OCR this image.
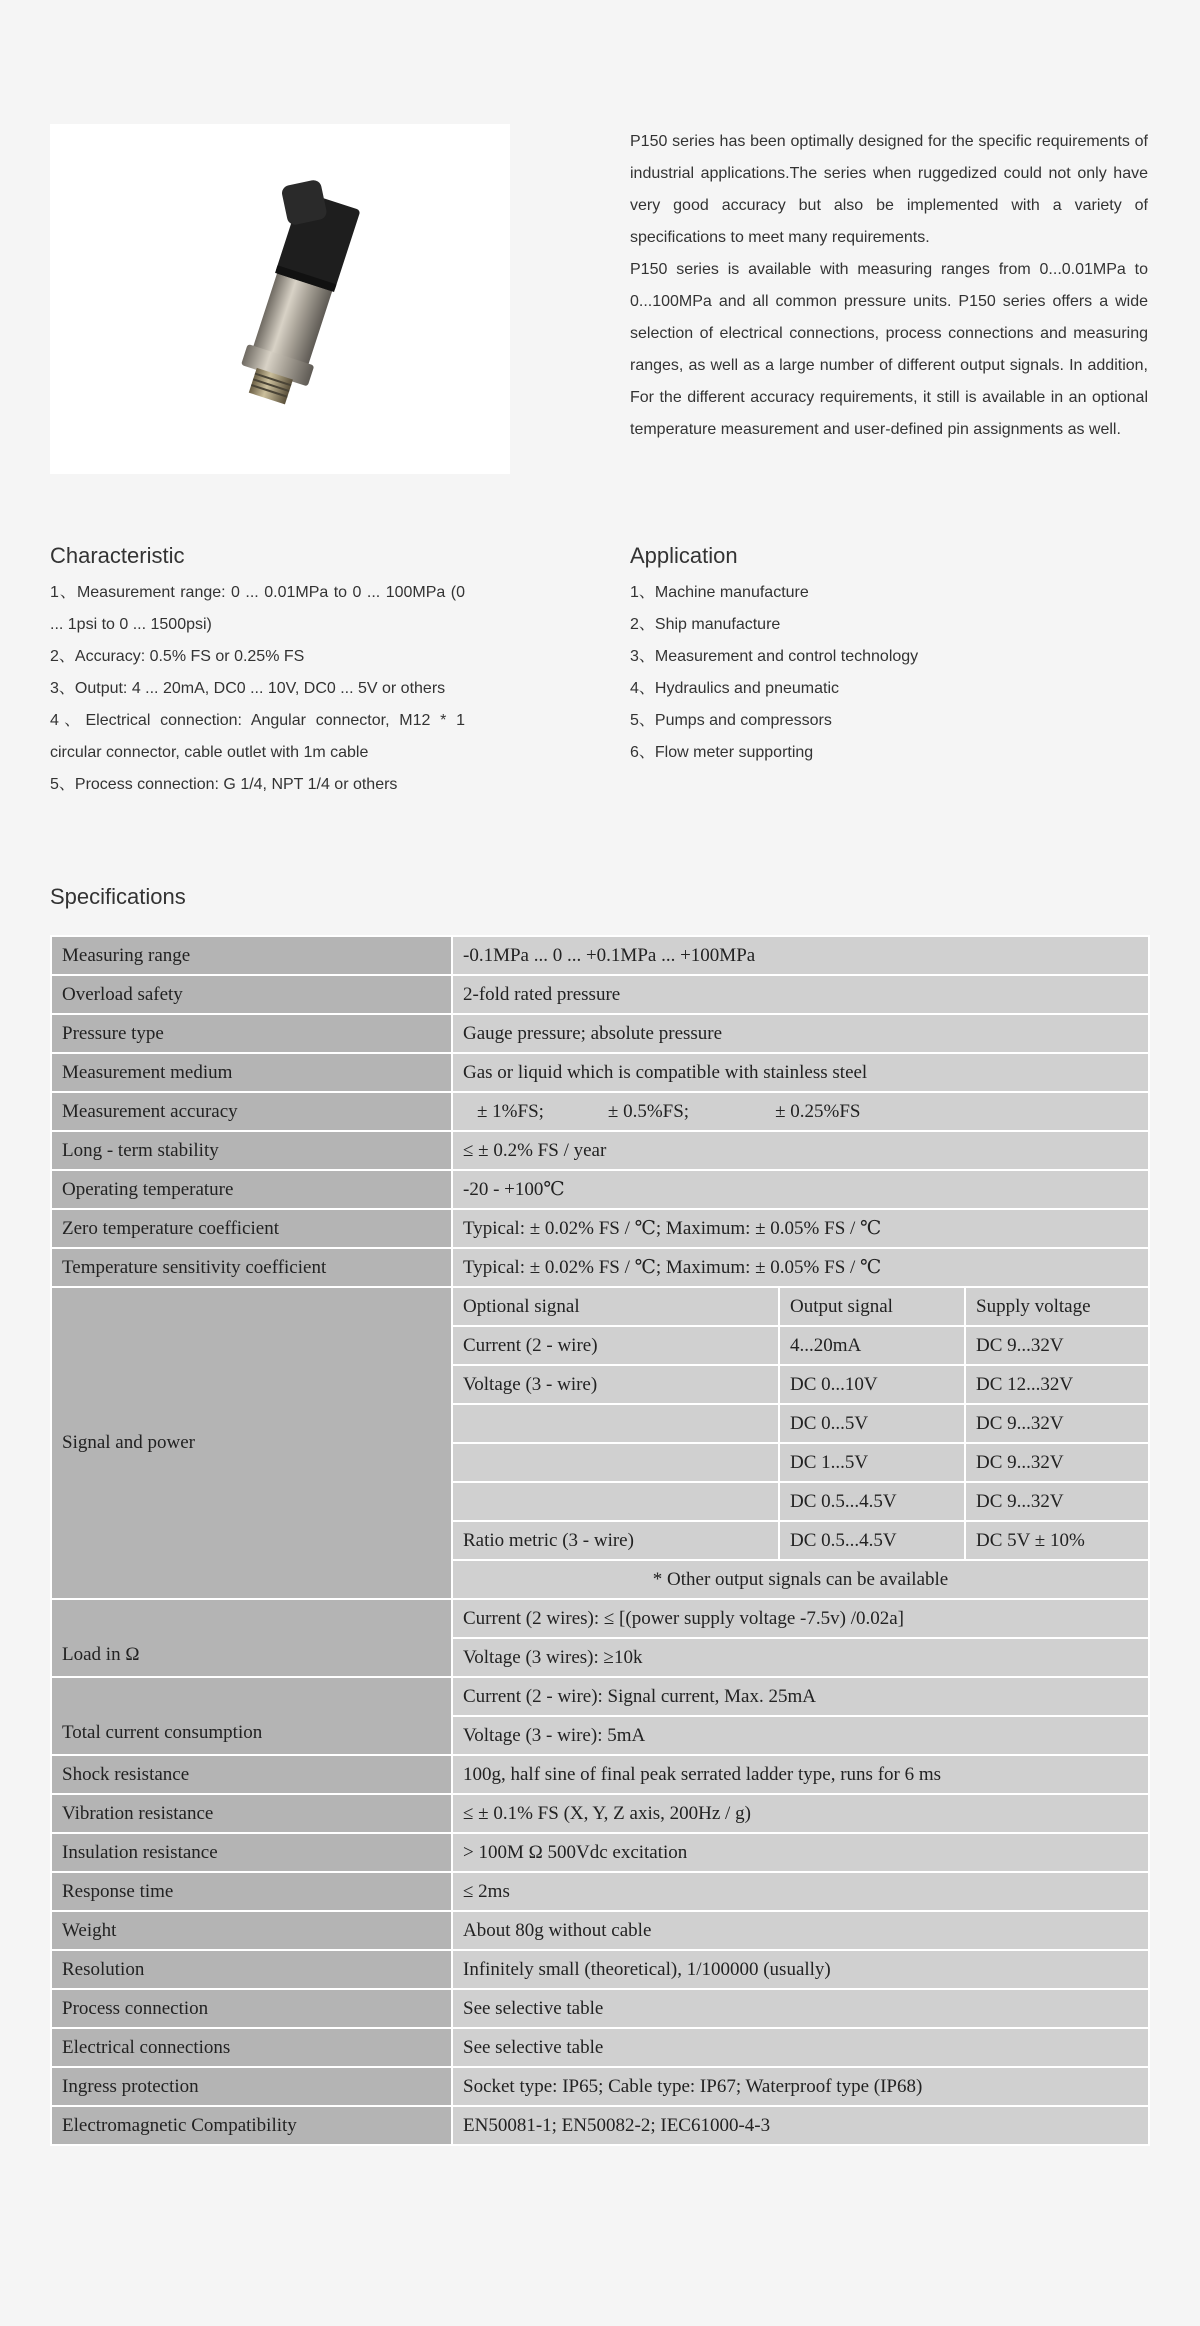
P150 series has been optimally designed for the specific requirements of industrial applications.The series when ruggedized could not only have very good accuracy but also be implemented with a variety of specifications to meet many requirements.

P150 series is available with measuring ranges from 0...0.01MPa to 0...100MPa and all common pressure units. P150 series offers a wide selection of electrical connections, process connections and measuring ranges, as well as a large number of different output signals. In addition, For the different accuracy requirements, it still is available in an optional temperature measurement and user-defined pin assignments as well.

Characteristic
1、Measurement range: 0 ... 0.01MPa to 0 ... 100MPa (0 ... 1psi to 0 ... 1500psi)
2、Accuracy: 0.5% FS or 0.25% FS
3、Output: 4 ... 20mA, DC0 ... 10V, DC0 ... 5V or others
4、Electrical connection: Angular connector, M12 * 1 circular connector, cable outlet with 1m cable
5、Process connection: G 1/4, NPT 1/4 or others
Application
1、Machine manufacture
2、Ship manufacture
3、Measurement and control technology
4、Hydraulics and pneumatic
5、Pumps and compressors
6、Flow meter supporting
Specifications
Measuring range	-0.1MPa ... 0 ... +0.1MPa ... +100MPa		
Overload safety	2-fold rated pressure		
Pressure type	Gauge pressure; absolute pressure		
Measurement medium	Gas or liquid which is compatible with stainless steel		
Measurement accuracy	± 1%FS; ± 0.5%FS; ± 0.25%FS		
Long - term stability	≤ ± 0.2% FS / year		
Operating temperature	-20 - +100℃		
Zero temperature coefficient	Typical: ± 0.02% FS / ℃; Maximum: ± 0.05% FS / ℃		
Temperature sensitivity coefficient	Typical: ± 0.02% FS / ℃; Maximum: ± 0.05% FS / ℃		
Signal and power	Optional signal	Output signal	Supply voltage
	Current (2 - wire)	4...20mA	DC 9...32V
	Voltage (3 - wire)	DC 0...10V	DC 12...32V
		DC 0...5V	DC 9...32V
		DC 1...5V	DC 9...32V
		DC 0.5...4.5V	DC 9...32V
	Ratio metric (3 - wire)	DC 0.5...4.5V	DC 5V ± 10%
	* Other output signals can be available		
Load in Ω	Current (2 wires): ≤ [(power supply voltage -7.5v) /0.02a]		
	Voltage (3 wires): ≥10k		
Total current consumption	Current (2 - wire): Signal current, Max. 25mA		
	Voltage (3 - wire): 5mA		
Shock resistance	100g, half sine of final peak serrated ladder type, runs for 6 ms		
Vibration resistance	≤ ± 0.1% FS (X, Y, Z axis, 200Hz / g)		
Insulation resistance	> 100M Ω 500Vdc excitation		
Response time	≤ 2ms		
Weight	About 80g without cable		
Resolution	Infinitely small (theoretical), 1/100000 (usually)		
Process connection	See selective table		
Electrical connections	See selective table		
Ingress protection	Socket type: IP65; Cable type: IP67; Waterproof type (IP68)		
Electromagnetic Compatibility	EN50081-1; EN50082-2; IEC61000-4-3		
